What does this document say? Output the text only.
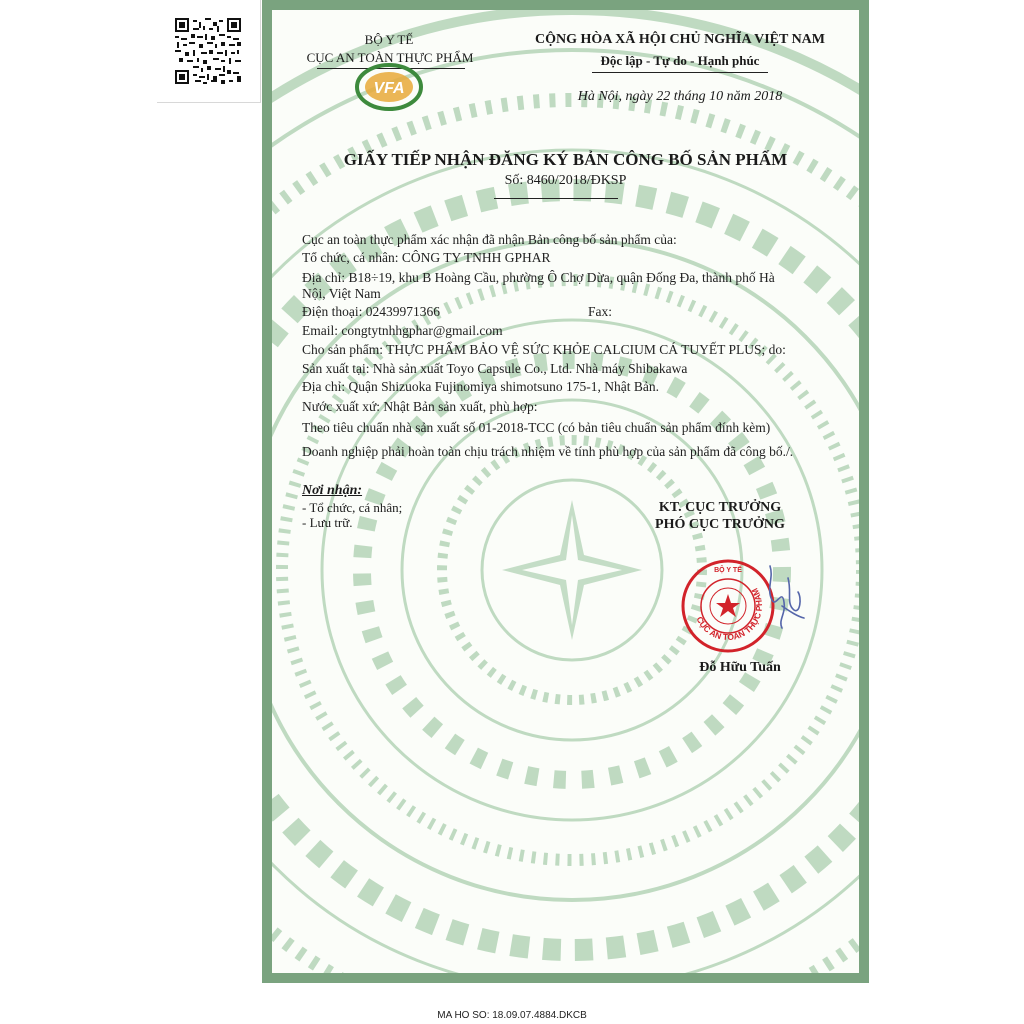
BỘ Y TẾ
CỤC AN TOÀN THỰC PHẨM
VFA
CỘNG HÒA XÃ HỘI CHỦ NGHĨA VIỆT NAM
Độc lập - Tự do - Hạnh phúc
Hà Nội, ngày 22 tháng 10 năm 2018
GIẤY TIẾP NHẬN ĐĂNG KÝ BẢN CÔNG BỐ SẢN PHẨM
Số: 8460/2018/ĐKSP
Cục an toàn thực phẩm xác nhận đã nhận Bản công bố sản phẩm của:
Tổ chức, cá nhân: CÔNG TY TNHH GPHAR
Địa chỉ: B18÷19, khu B Hoàng Cầu, phường Ô Chợ Dừa, quận Đống Đa, thành phố Hà
Nội, Việt Nam
Điện thoại: 02439971366	Fax:
Email: congtytnhhgphar@gmail.com
Cho sản phẩm: THỰC PHẨM BẢO VỆ SỨC KHỎE CALCIUM CÁ TUYẾT PLUS; do:
Sản xuất tại: Nhà sản xuất Toyo Capsule Co., Ltd. Nhà máy Shibakawa
Địa chỉ: Quận Shizuoka Fujinomiya shimotsuno 175-1, Nhật Bản.
Nước xuất xứ: Nhật Bản sản xuất, phù hợp:
Theo tiêu chuẩn nhà sản xuất số 01-2018-TCC (có bản tiêu chuẩn sản phẩm đính kèm)
Doanh nghiệp phải hoàn toàn chịu trách nhiệm về tính phù hợp của sản phẩm đã công bố./.
Nơi nhận:
- Tổ chức, cá nhân;
- Lưu trữ.
KT. CỤC TRƯỞNG
PHÓ CỤC TRƯỞNG
CỤC AN TOÀN THỰC PHẨM
BỘ Y TẾ
Đỗ Hữu Tuấn
MA HO SO: 18.09.07.4884.DKCB
